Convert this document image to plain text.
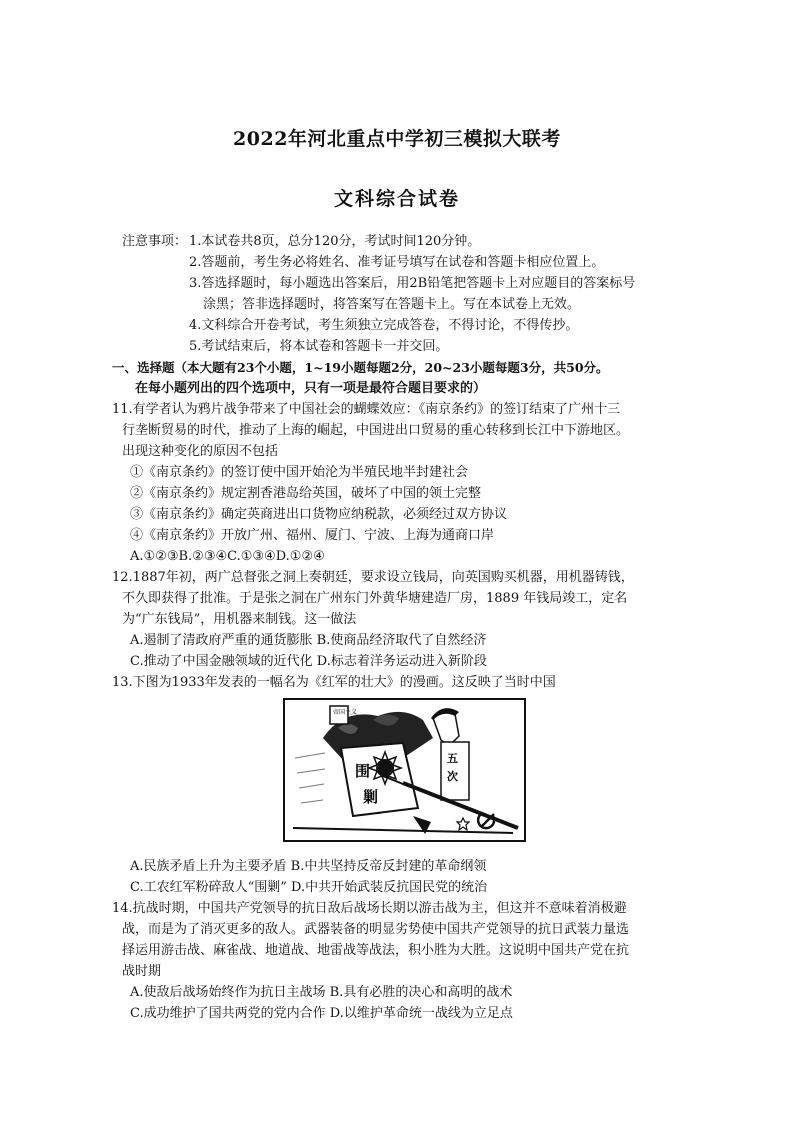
2022年河北重点中学初三模拟大联考
文科综合试卷
注意事项： 1.本试卷共8页，总分120分，考试时间120分钟。
2.答题前，考生务必将姓名、准考证号填写在试卷和答题卡相应位置上。
3.答选择题时，每小题选出答案后，用2B铅笔把答题卡上对应题目的答案标号
涂黑；答非选择题时，将答案写在答题卡上。写在本试卷上无效。
4.文科综合开卷考试，考生须独立完成答卷，不得讨论，不得传抄。
5.考试结束后，将本试卷和答题卡一并交回。
一、选择题（本大题有23个小题，1~19小题每题2分，20~23小题每题3分，共50分。
在每小题列出的四个选项中，只有一项是最符合题目要求的）
11.有学者认为鸦片战争带来了中国社会的蝴蝶效应：《南京条约》的签订结束了广州十三
行垄断贸易的时代，推动了上海的崛起，中国进出口贸易的重心转移到长江中下游地区。
出现这种变化的原因不包括
①《南京条约》的签订使中国开始沦为半殖民地半封建社会
②《南京条约》规定割香港岛给英国，破坏了中国的领土完整
③《南京条约》确定英商进出口货物应纳税款，必须经过双方协议
④《南京条约》开放广州、福州、厦门、宁波、上海为通商口岸
A.①②③B.②③④C.①③④D.①②④
12.1887年初，两广总督张之洞上奏朝廷，要求设立钱局，向英国购买机器，用机器铸钱，
不久即获得了批准。于是张之洞在广州东门外黄华塘建造厂房，1889 年钱局竣工，定名
为“广东钱局”，用机器来制钱。这一做法
A.遏制了清政府严重的通货膨胀 B.使商品经济取代了自然经济
C.推动了中国金融领域的近代化 D.标志着洋务运动进入新阶段
13.下图为1933年发表的一幅名为《红军的壮大》的漫画。这反映了当时中国
帝国主义
围
剿
五
次
A.民族矛盾上升为主要矛盾 B.中共坚持反帝反封建的革命纲领
C.工农红军粉碎敌人“围剿” D.中共开始武装反抗国民党的统治
14.抗战时期，中国共产党领导的抗日敌后战场长期以游击战为主，但这并不意味着消极避
战，而是为了消灭更多的敌人。武器装备的明显劣势使中国共产党领导的抗日武装力量选
择运用游击战、麻雀战、地道战、地雷战等战法，积小胜为大胜。这说明中国共产党在抗
战时期
A.使敌后战场始终作为抗日主战场 B.具有必胜的决心和高明的战术
C.成功维护了国共两党的党内合作 D.以维护革命统一战线为立足点
